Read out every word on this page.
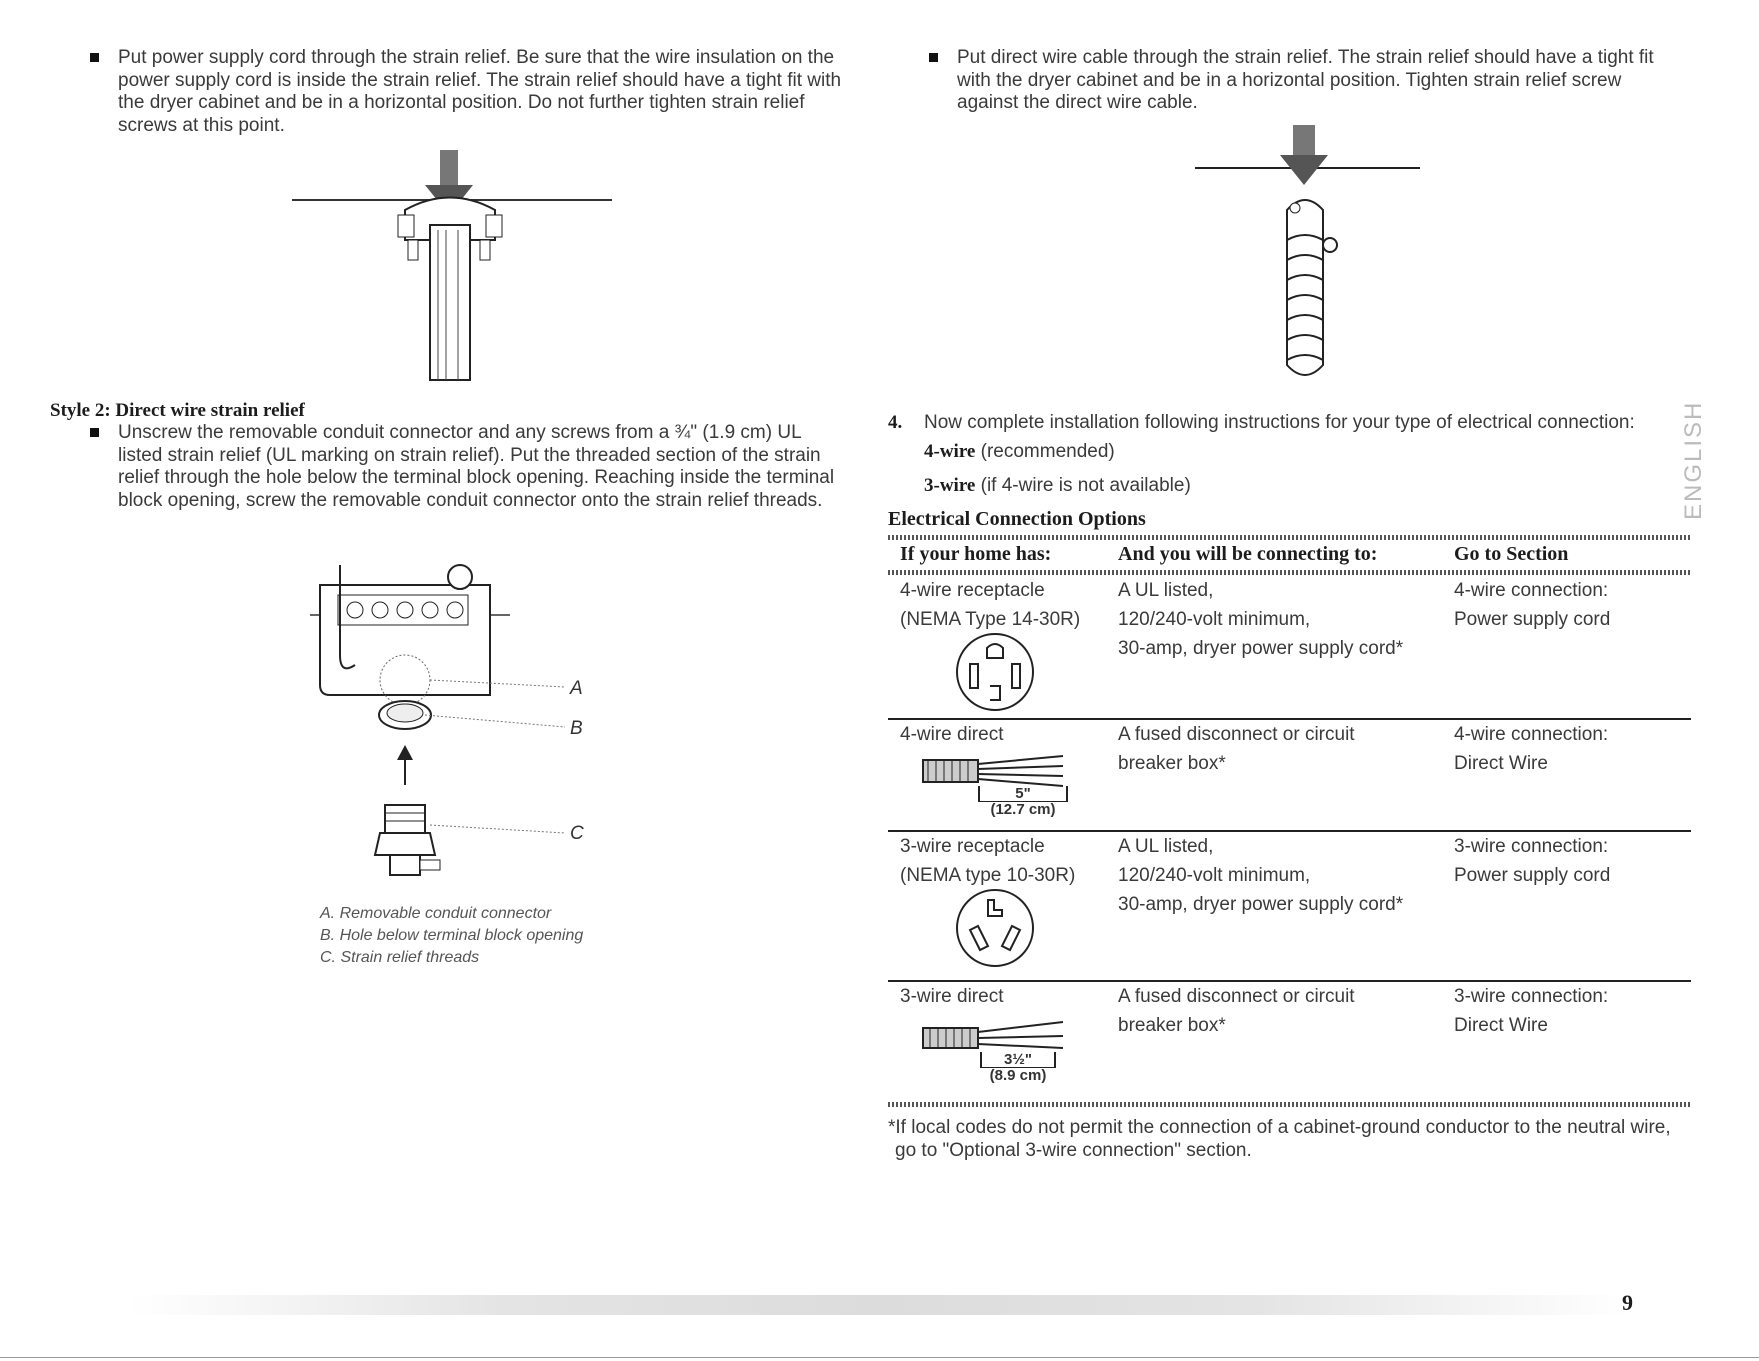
Put power supply cord through the strain relief. Be sure that the wire insulation on the power supply cord is inside the strain relief. The strain relief should have a tight fit with the dryer cabinet and be in a horizontal position. Do not further tighten strain relief screws at this point.
Style 2: Direct wire strain relief
Unscrew the removable conduit connector and any screws from a ¾" (1.9 cm) UL listed strain relief (UL marking on strain relief). Put the threaded section of the strain relief through the hole below the terminal block opening. Reaching inside the terminal block opening, screw the removable conduit connector onto the strain relief threads.
A
B
C
A. Removable conduit connector
B. Hole below terminal block opening
C. Strain relief threads
Put direct wire cable through the strain relief. The strain relief should have a tight fit with the dryer cabinet and be in a horizontal position. Tighten strain relief screw against the direct wire cable.
4. Now complete installation following instructions for your type of electrical connection:
4-wire (recommended)
3-wire (if 4-wire is not available)
Electrical Connection Options
If your home has:	And you will be connecting to:	Go to Section
4-wire receptacle
(NEMA Type 14-30R)
A UL listed,
120/240-volt minimum,
30-amp, dryer power supply cord*
4-wire connection:
Power supply cord
4-wire direct
5"
(12.7 cm)
A fused disconnect or circuit
breaker box*
4-wire connection:
Direct Wire
3-wire receptacle
(NEMA type 10-30R)
A UL listed,
120/240-volt minimum,
30-amp, dryer power supply cord*
3-wire connection:
Power supply cord
3-wire direct
3½"
(8.9 cm)
A fused disconnect or circuit
breaker box*
3-wire connection:
Direct Wire
*If local codes do not permit the connection of a cabinet-ground conductor to the neutral wire, go to "Optional 3-wire connection" section.
ENGLISH
9
